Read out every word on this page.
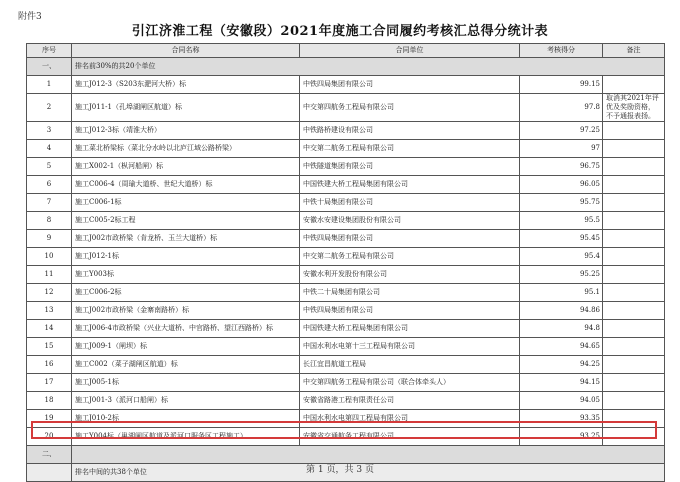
附件3
引江济淮工程（安徽段）2021年度施工合同履约考核汇总得分统计表
序号	合同名称	合同单位	考核得分	备注
一、	排名前30%的共20个单位			
1	施工J012-3（S203东淝河大桥）标	中铁四局集团有限公司	99.15	
2	施工J011-1（孔埠湖闸区航道）标	中交第四航务工程局有限公司	97.8	取消其2021年评优及奖励资格，不予通报表扬。
3	施工J012-3标（靖淮大桥）	中铁路桥建设有限公司	97.25	
4	施工菜北桥梁标（菜北分水岭以北庐江域公路桥梁）	中交第二航务工程局有限公司	97	
5	施工X002-1（枞河船闸）标	中铁隧道集团有限公司	96.75	
6	施工C006-4（周瑜大道桥、世纪大道桥）标	中国铁建大桥工程局集团有限公司	96.05	
7	施工C006-1标	中铁十局集团有限公司	95.75	
8	施工C005-2标工程	安徽水安建设集团股份有限公司	95.5	
9	施工J002市政桥梁（肯龙桥、玉兰大道桥）标	中铁四局集团有限公司	95.45	
10	施工J012-1标	中交第二航务工程局有限公司	95.4	
11	施工Y003标	安徽水利开发股份有限公司	95.25	
12	施工C006-2标	中铁二十局集团有限公司	95.1	
13	施工J002市政桥梁（金寨南路桥）标	中铁四局集团有限公司	94.86	
14	施工J006-4市政桥梁（兴业大道桥、中官路桥、望江西路桥）标	中国铁建大桥工程局集团有限公司	94.8	
15	施工J009-1（闸坝）标	中国水利水电第十三工程局有限公司	94.65	
16	施工C002（菜子湖闸区航道）标	长江宜昌航道工程局	94.25	
17	施工J005-1标	中交第四航务工程局有限公司（联合体牵头人）	94.15	
18	施工J001-3（派河口船闸）标	安徽省路港工程有限责任公司	94.05	
19	施工J010-2标	中国水利水电第四工程局有限公司	93.35	
20	施工Y004标（巢湖闸区航道及派河口服务区工程施工）	安徽省交通航务工程有限公司	93.25	
二、				
	排名中间的共38个单位				第 1 页，共 3 页
